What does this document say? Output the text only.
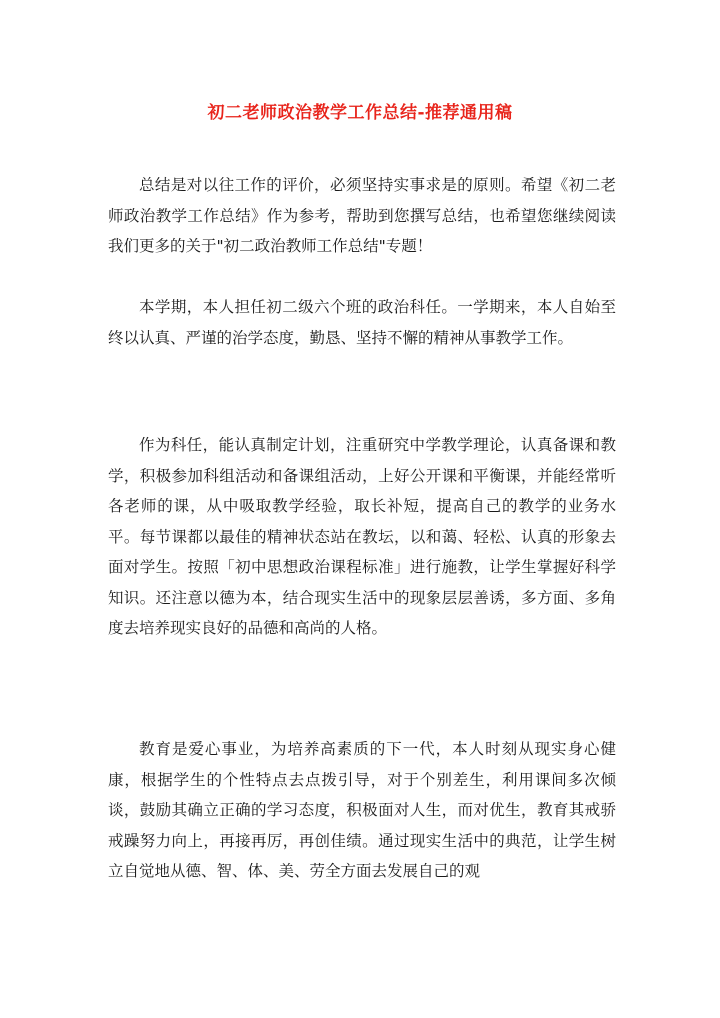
初二老师政治教学工作总结-推荐通用稿

总结是对以往工作的评价，必须坚持实事求是的原则。希望《初二老师政治教学工作总结》作为参考，帮助到您撰写总结，也希望您继续阅读我们更多的关于"初二政治教师工作总结"专题！

本学期，本人担任初二级六个班的政治科任。一学期来，本人自始至终以认真、严谨的治学态度，勤恳、坚持不懈的精神从事教学工作。

作为科任，能认真制定计划，注重研究中学教学理论，认真备课和教学，积极参加科组活动和备课组活动，上好公开课和平衡课，并能经常听各老师的课，从中吸取教学经验，取长补短，提高自己的教学的业务水平。每节课都以最佳的精神状态站在教坛，以和蔼、轻松、认真的形象去面对学生。按照「初中思想政治课程标准」进行施教，让学生掌握好科学知识。还注意以德为本，结合现实生活中的现象层层善诱，多方面、多角度去培养现实良好的品德和高尚的人格。

教育是爱心事业，为培养高素质的下一代，本人时刻从现实身心健康，根据学生的个性特点去点拨引导，对于个别差生，利用课间多次倾谈，鼓励其确立正确的学习态度，积极面对人生，而对优生，教育其戒骄戒躁努力向上，再接再厉，再创佳绩。通过现实生活中的典范，让学生树立自觉地从德、智、体、美、劳全方面去发展自己的观
